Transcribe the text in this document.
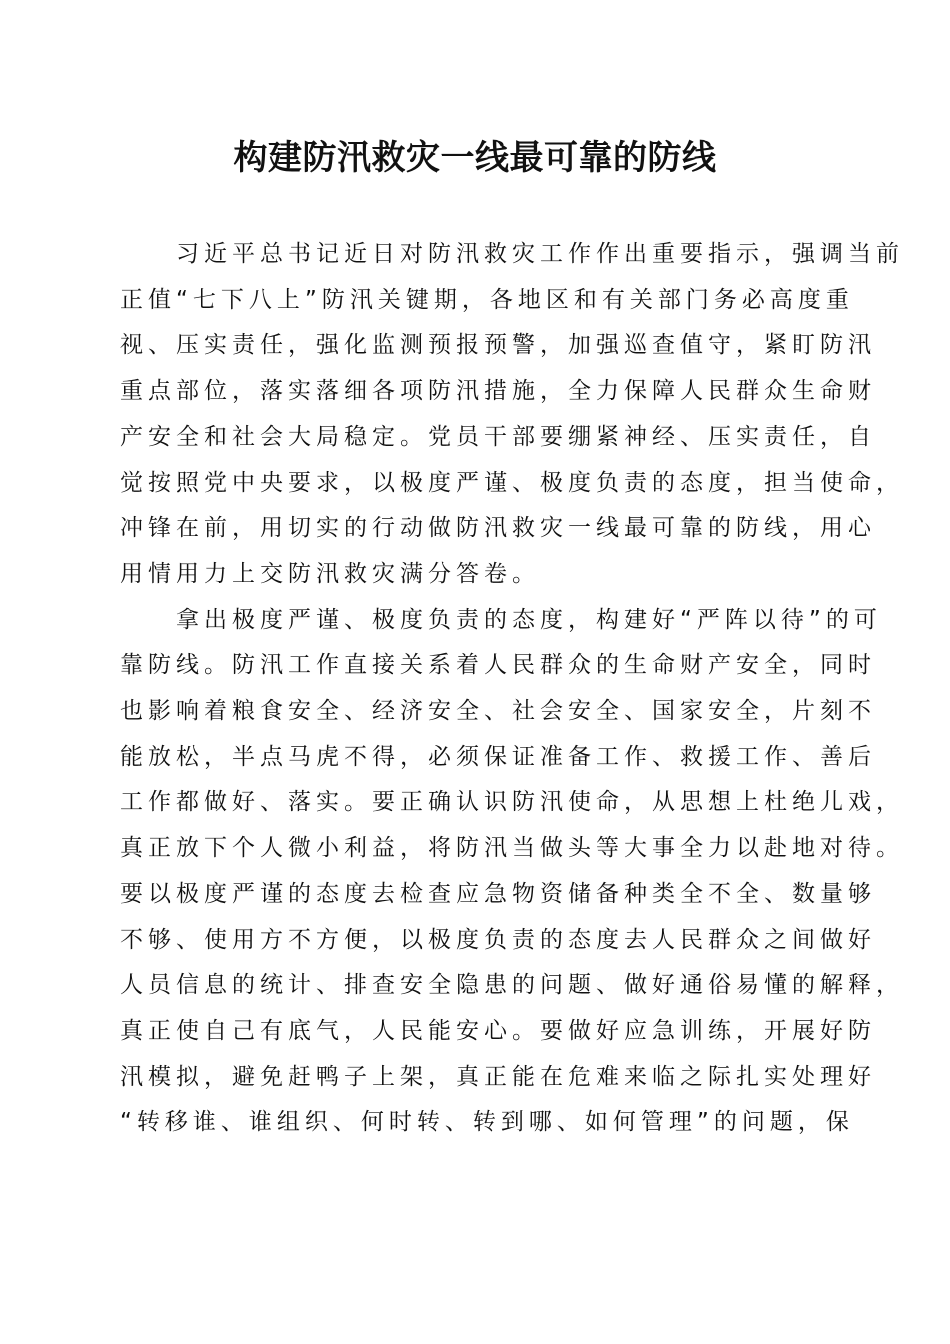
构建防汛救灾一线最可靠的防线

　　习近平总书记近日对防汛救灾工作作出重要指示，强调当前
正值“七下八上”防汛关键期，各地区和有关部门务必高度重
视、压实责任，强化监测预报预警，加强巡查值守，紧盯防汛
重点部位，落实落细各项防汛措施，全力保障人民群众生命财
产安全和社会大局稳定。党员干部要绷紧神经、压实责任，自
觉按照党中央要求，以极度严谨、极度负责的态度，担当使命，
冲锋在前，用切实的行动做防汛救灾一线最可靠的防线，用心
用情用力上交防汛救灾满分答卷。

　　拿出极度严谨、极度负责的态度，构建好“严阵以待”的可
靠防线。防汛工作直接关系着人民群众的生命财产安全，同时
也影响着粮食安全、经济安全、社会安全、国家安全，片刻不
能放松，半点马虎不得，必须保证准备工作、救援工作、善后
工作都做好、落实。要正确认识防汛使命，从思想上杜绝儿戏，
真正放下个人微小利益，将防汛当做头等大事全力以赴地对待。
要以极度严谨的态度去检查应急物资储备种类全不全、数量够
不够、使用方不方便，以极度负责的态度去人民群众之间做好
人员信息的统计、排查安全隐患的问题、做好通俗易懂的解释，
真正使自己有底气，人民能安心。要做好应急训练，开展好防
汛模拟，避免赶鸭子上架，真正能在危难来临之际扎实处理好
“转移谁、谁组织、何时转、转到哪、如何管理”的问题，保
